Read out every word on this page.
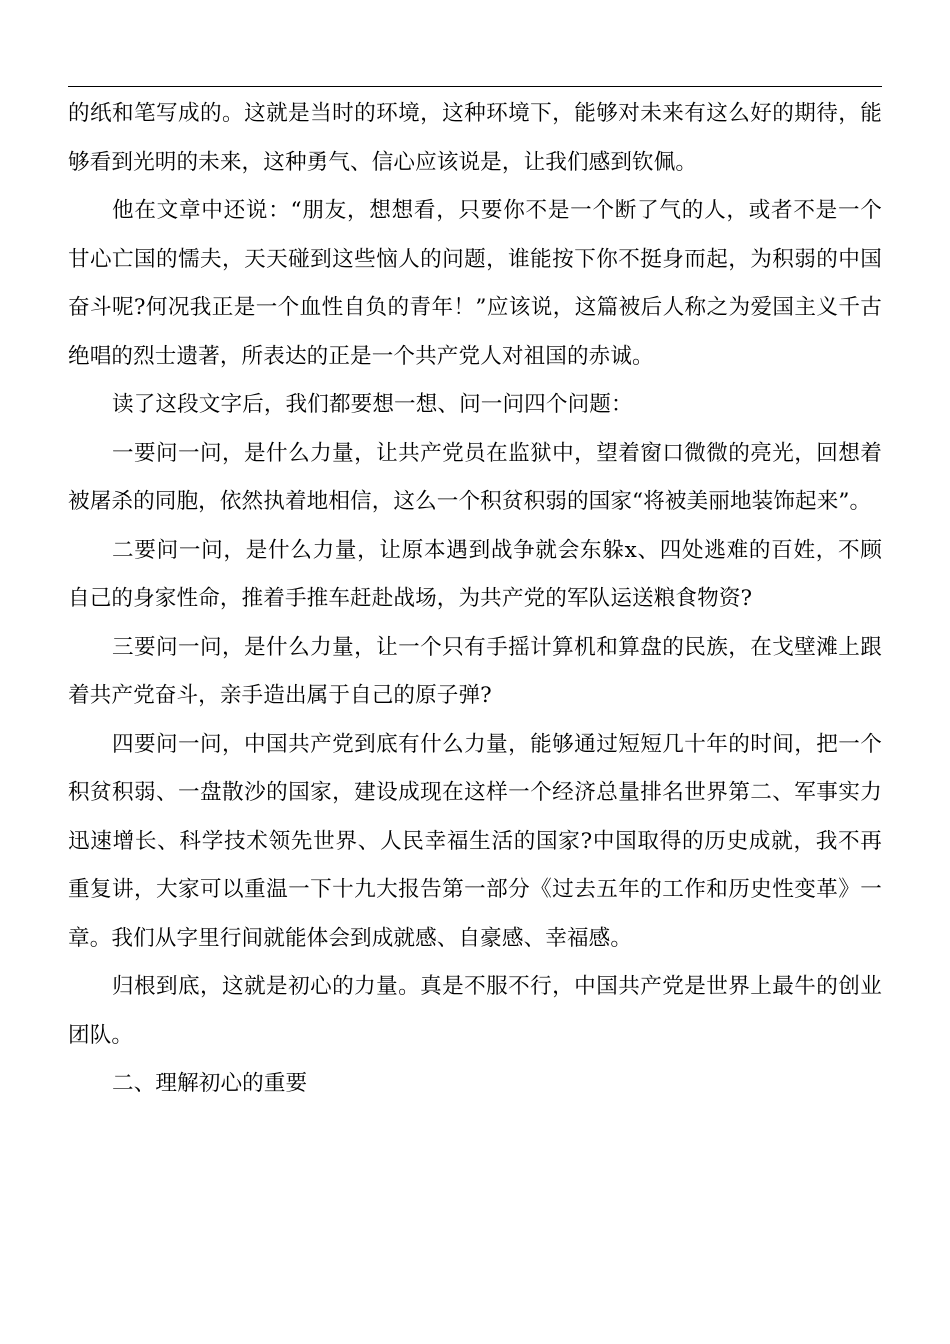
的纸和笔写成的。这就是当时的环境，这种环境下，能够对未来有这么好的期待，能够看到光明的未来，这种勇气、信心应该说是，让我们感到钦佩。

他在文章中还说：“朋友，想想看，只要你不是一个断了气的人，或者不是一个甘心亡国的懦夫，天天碰到这些恼人的问题，谁能按下你不挺身而起，为积弱的中国奋斗呢?何况我正是一个血性自负的青年！”应该说，这篇被后人称之为爱国主义千古绝唱的烈士遗著，所表达的正是一个共产党人对祖国的赤诚。

读了这段文字后，我们都要想一想、问一问四个问题：

一要问一问，是什么力量，让共产党员在监狱中，望着窗口微微的亮光，回想着被屠杀的同胞，依然执着地相信，这么一个积贫积弱的国家“将被美丽地装饰起来”。

二要问一问，是什么力量，让原本遇到战争就会东躲x、四处逃难的百姓，不顾自己的身家性命，推着手推车赶赴战场，为共产党的军队运送粮食物资?

三要问一问，是什么力量，让一个只有手摇计算机和算盘的民族，在戈壁滩上跟着共产党奋斗，亲手造出属于自己的原子弹?

四要问一问，中国共产党到底有什么力量，能够通过短短几十年的时间，把一个积贫积弱、一盘散沙的国家，建设成现在这样一个经济总量排名世界第二、军事实力迅速增长、科学技术领先世界、人民幸福生活的国家?中国取得的历史成就，我不再重复讲，大家可以重温一下十九大报告第一部分《过去五年的工作和历史性变革》一章。我们从字里行间就能体会到成就感、自豪感、幸福感。

归根到底，这就是初心的力量。真是不服不行，中国共产党是世界上最牛的创业团队。

二、理解初心的重要
